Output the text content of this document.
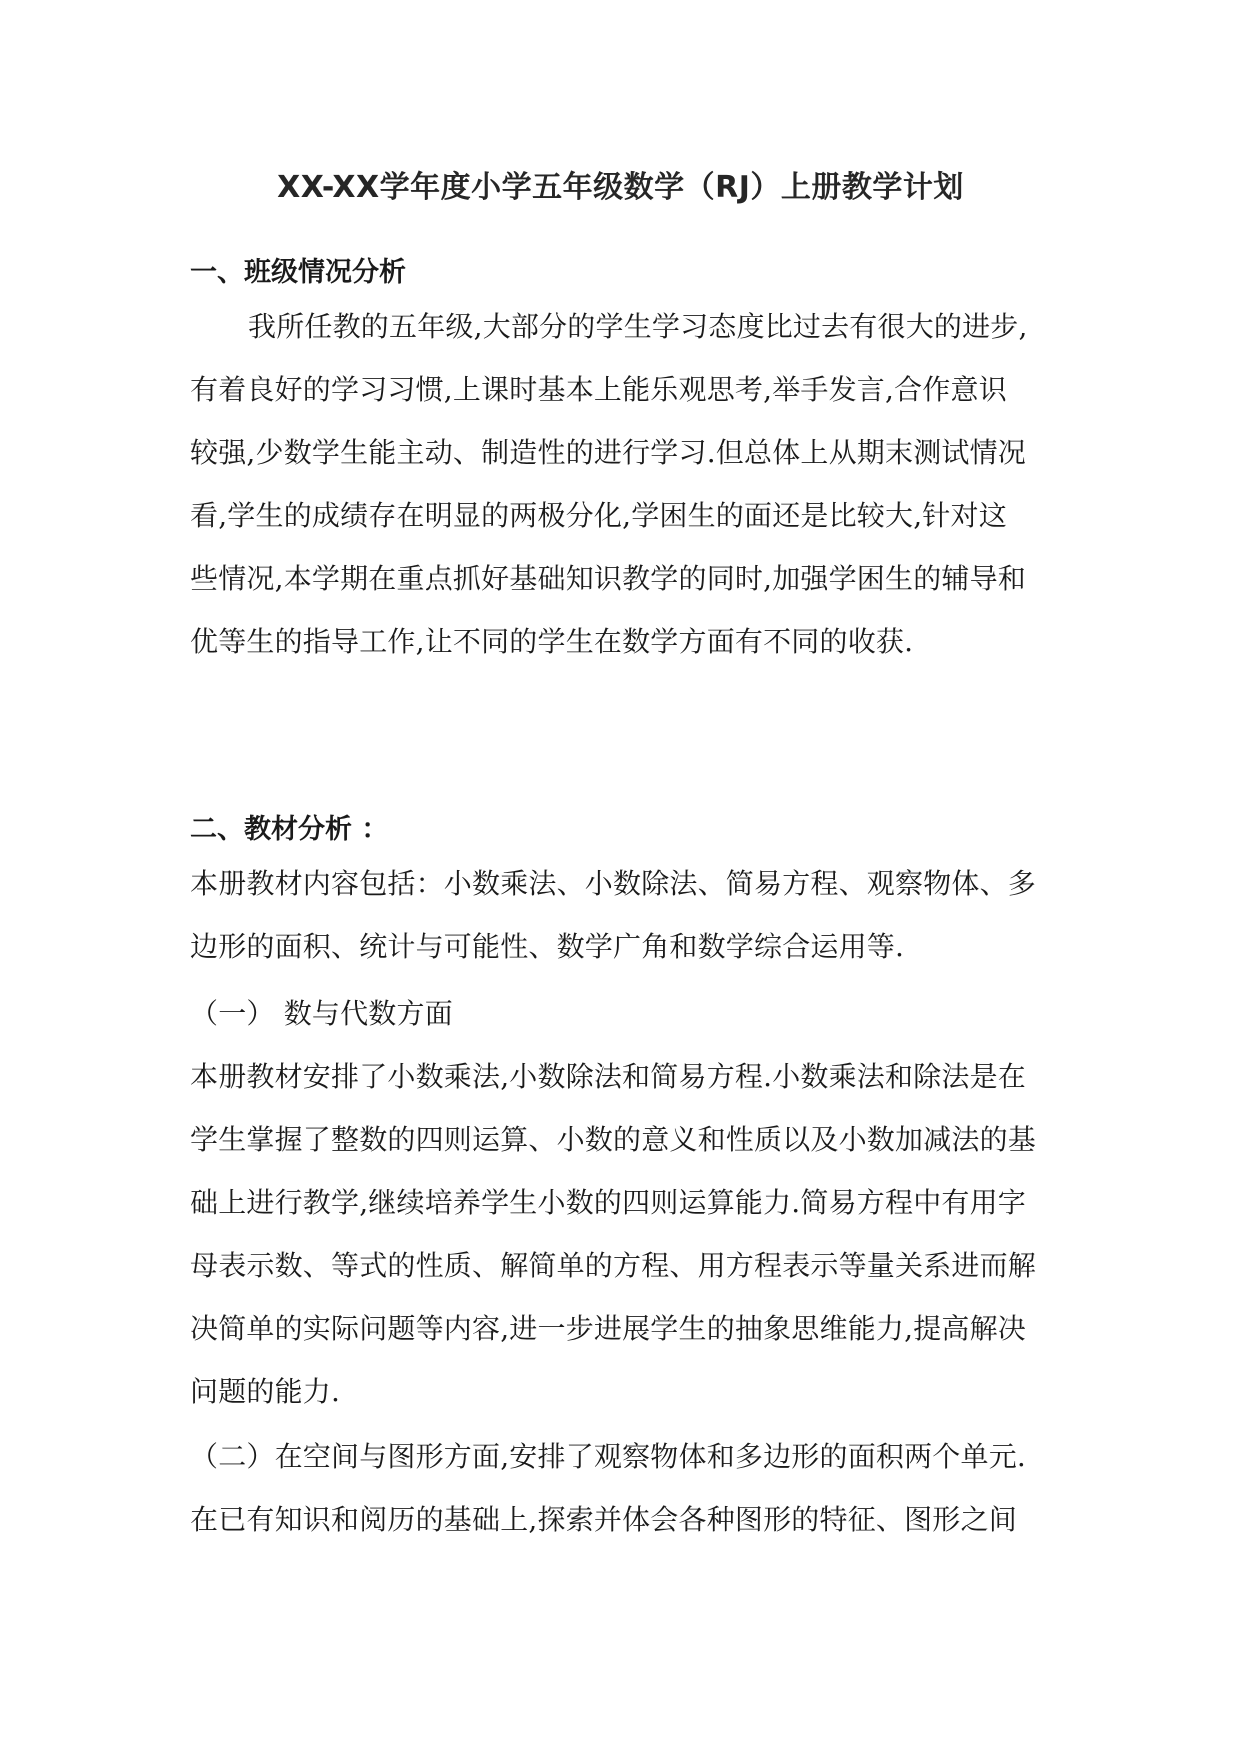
XX-XX学年度小学五年级数学（RJ）上册教学计划
一、班级情况分析
我所任教的五年级,大部分的学生学习态度比过去有很大的进步,
有着良好的学习习惯,上课时基本上能乐观思考,举手发言,合作意识
较强,少数学生能主动、制造性的进行学习.但总体上从期末测试情况
看,学生的成绩存在明显的两极分化,学困生的面还是比较大,针对这
些情况,本学期在重点抓好基础知识教学的同时,加强学困生的辅导和
优等生的指导工作,让不同的学生在数学方面有不同的收获.
二、教材分析 ：
本册教材内容包括：小数乘法、小数除法、简易方程、观察物体、多
边形的面积、统计与可能性、数学广角和数学综合运用等.
（一） 数与代数方面
本册教材安排了小数乘法,小数除法和简易方程.小数乘法和除法是在
学生掌握了整数的四则运算、小数的意义和性质以及小数加减法的基
础上进行教学,继续培养学生小数的四则运算能力.简易方程中有用字
母表示数、等式的性质、解简单的方程、用方程表示等量关系进而解
决简单的实际问题等内容,进一步进展学生的抽象思维能力,提高解决
问题的能力.
（二）在空间与图形方面,安排了观察物体和多边形的面积两个单元.
在已有知识和阅历的基础上,探索并体会各种图形的特征、图形之间
